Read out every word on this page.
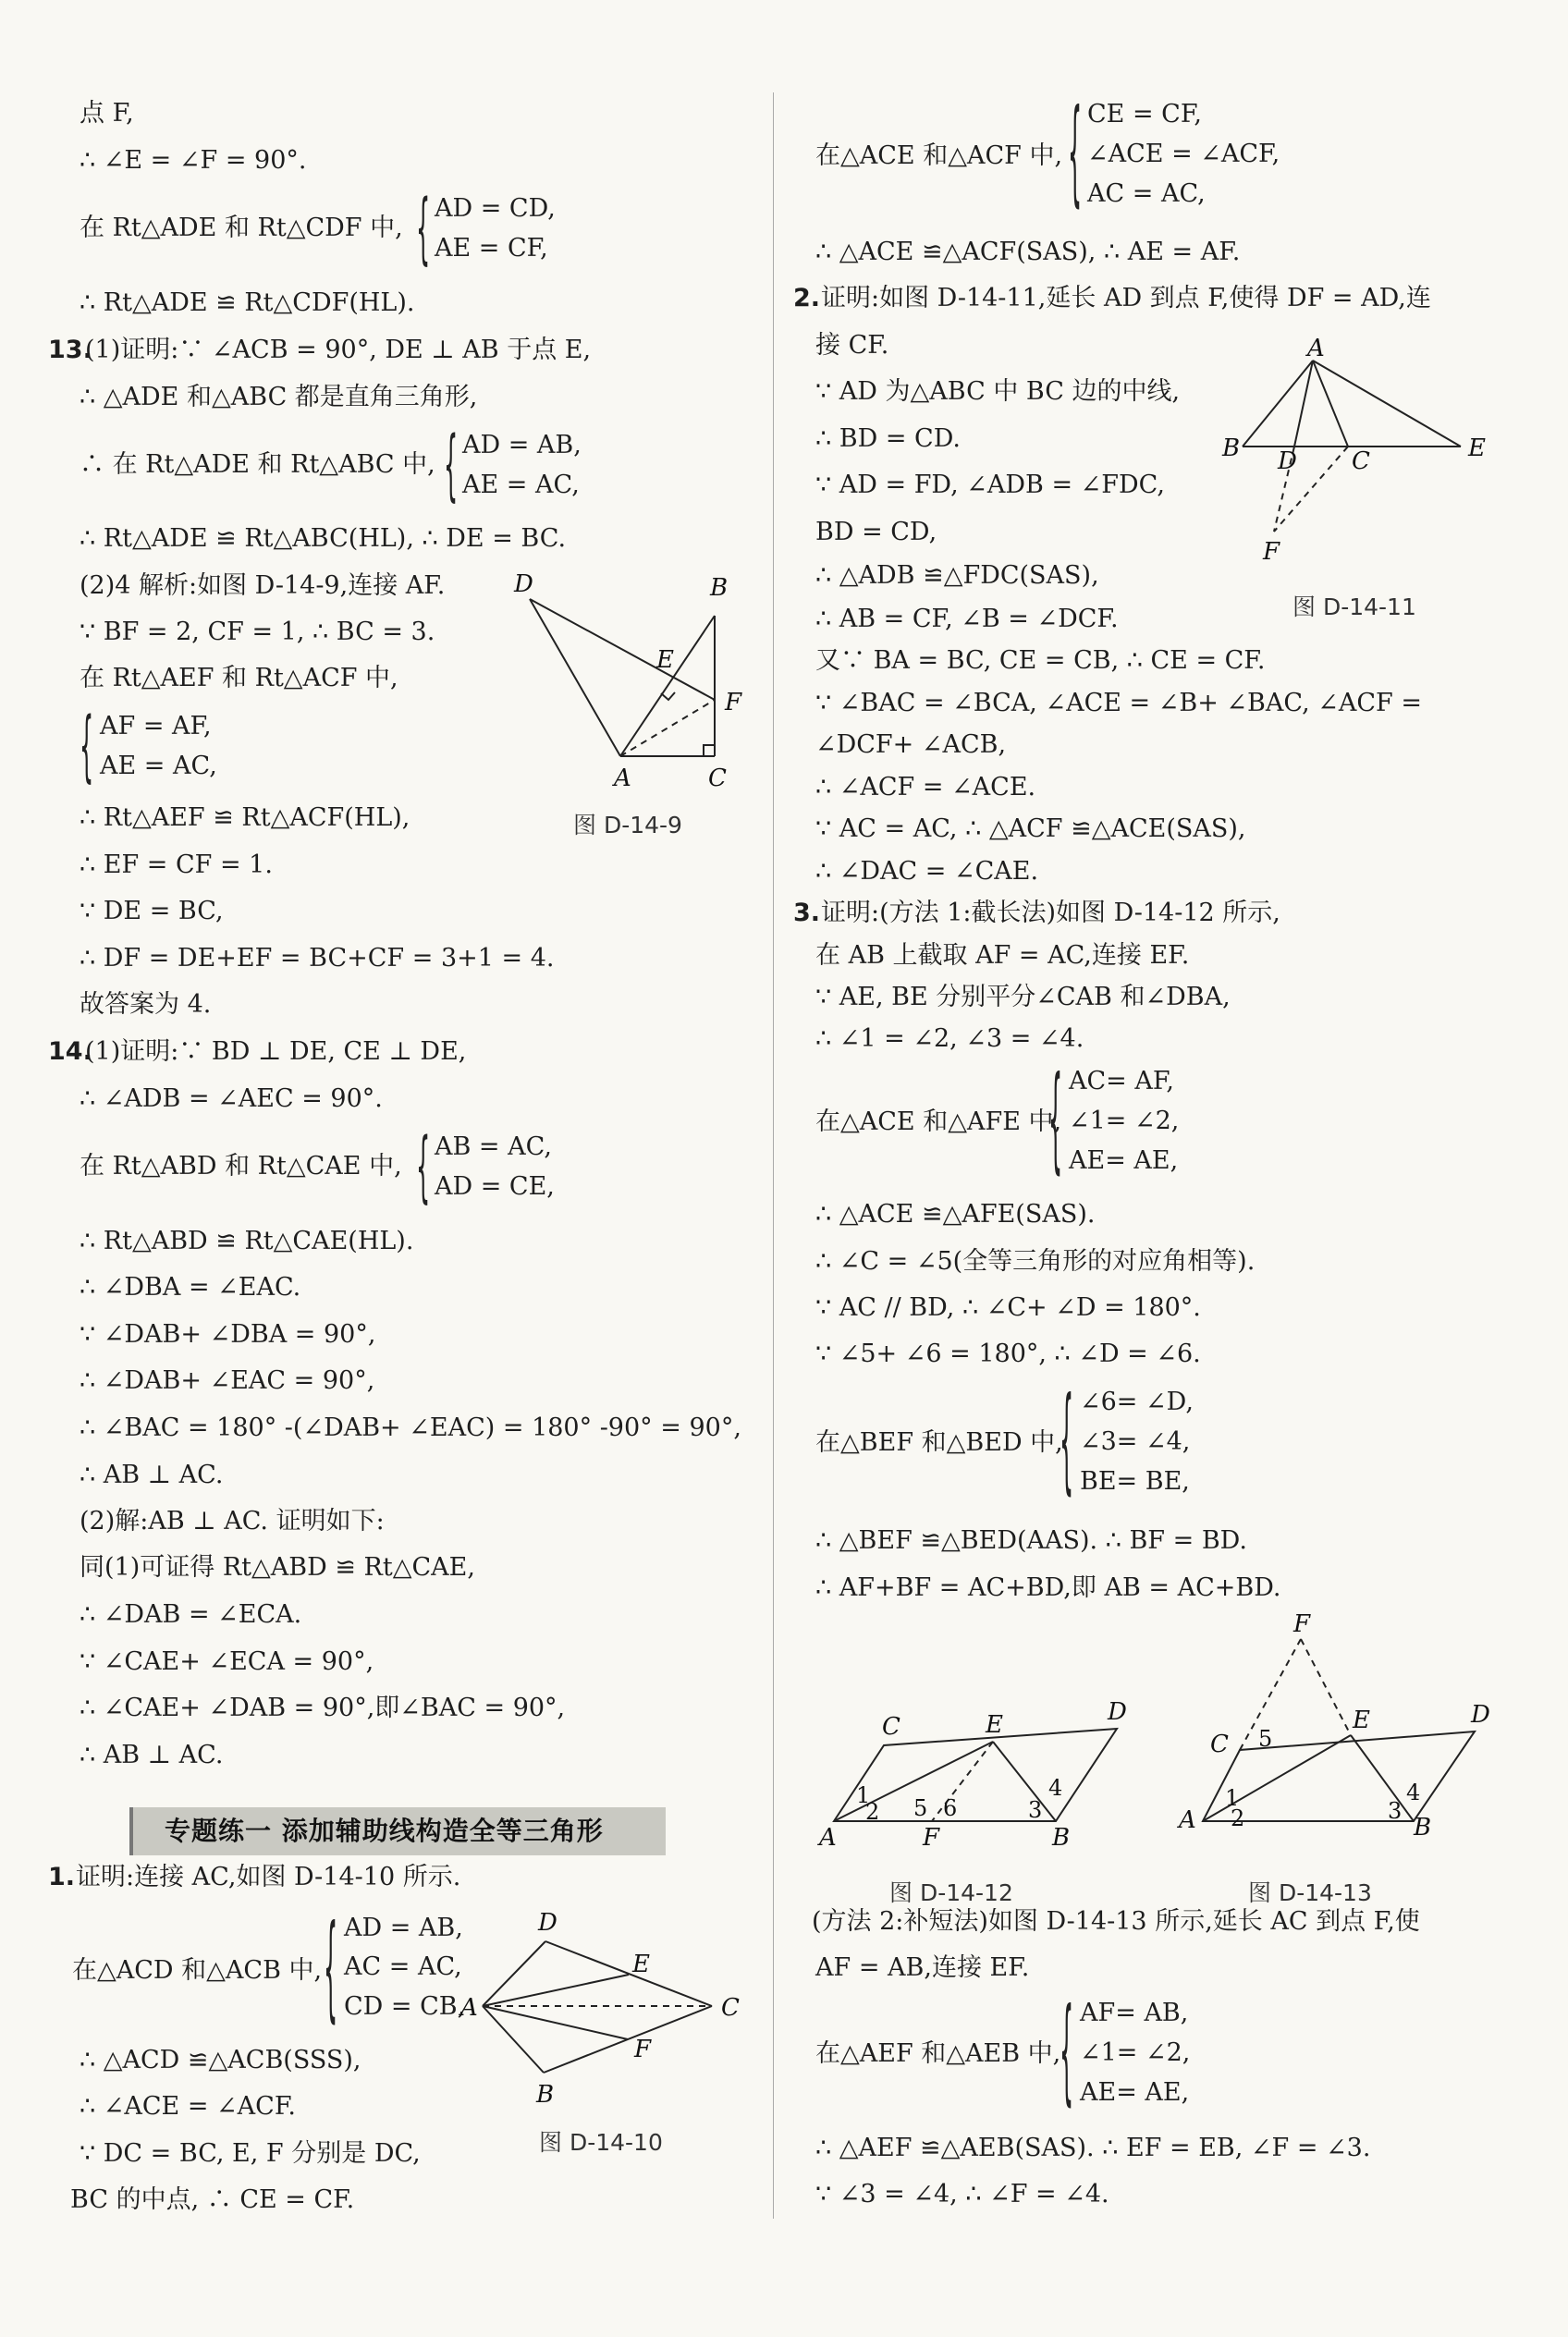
点 F,
∴ ∠E = ∠F = 90°.
在 Rt△ADE 和 Rt△CDF 中, { AD = CD,
AE = CF,
∴ Rt△ADE ≌ Rt△CDF(HL).
13.
(1)证明:∵ ∠ACB = 90°, DE ⊥ AB 于点 E,
∴ △ADE 和△ABC 都是直角三角形,
∴ 在 Rt△ADE 和 Rt△ABC 中, { AD = AB,
AE = AC,
∴ Rt△ADE ≌ Rt△ABC(HL), ∴ DE = BC.
(2)4 解析:如图 D-14-9,连接 AF.
∵ BF = 2, CF = 1, ∴ BC = 3.
在 Rt△AEF 和 Rt△ACF 中,
{ AF = AF,
AE = AC,
∴ Rt△AEF ≌ Rt△ACF(HL),
∴ EF = CF = 1.
∵ DE = BC,
∴ DF = DE+EF = BC+CF = 3+1 = 4.
故答案为 4.
14.
(1)证明:∵ BD ⊥ DE, CE ⊥ DE,
∴ ∠ADB = ∠AEC = 90°.
在 Rt△ABD 和 Rt△CAE 中, { AB = AC,
AD = CE,
∴ Rt△ABD ≌ Rt△CAE(HL).
∴ ∠DBA = ∠EAC.
∵ ∠DAB+ ∠DBA = 90°,
∴ ∠DAB+ ∠EAC = 90°,
∴ ∠BAC = 180° -(∠DAB+ ∠EAC) = 180° -90° = 90°,
∴ AB ⊥ AC.
(2)解:AB ⊥ AC. 证明如下:
同(1)可证得 Rt△ABD ≌ Rt△CAE,
∴ ∠DAB = ∠ECA.
∵ ∠CAE+ ∠ECA = 90°,
∴ ∠CAE+ ∠DAB = 90°,即∠BAC = 90°,
∴ AB ⊥ AC.
专题练一 添加辅助线构造全等三角形
1. 证明:连接 AC,如图 D-14-10 所示.
在△ACD 和△ACB 中, { AD = AB,
AC = AC,
CD = CB,
∴ △ACD ≌△ACB(SSS),
∴ ∠ACE = ∠ACF.
∵ DC = BC, E, F 分别是 DC,
BC 的中点, ∴ CE = CF.
D	B
E
F
A	C
图 D-14-9
D
E
A	C
F
B
图 D-14-10
在△ACE 和△ACF 中, { CE = CF,
∠ACE = ∠ACF,
AC = AC,
∴ △ACE ≌△ACF(SAS), ∴ AE = AF.
2. 证明:如图 D-14-11,延长 AD 到点 F,使得 DF = AD,连
接 CF.
∵ AD 为△ABC 中 BC 边的中线,
∴ BD = CD.
∵ AD = FD, ∠ADB = ∠FDC,
BD = CD,
∴ △ADB ≌△FDC(SAS),
∴ AB = CF, ∠B = ∠DCF.
又∵ BA = BC, CE = CB, ∴ CE = CF.
∵ ∠BAC = ∠BCA, ∠ACE = ∠B+ ∠BAC, ∠ACF =
∠DCF+ ∠ACB,
∴ ∠ACF = ∠ACE.
∵ AC = AC, ∴ △ACF ≌△ACE(SAS),
∴ ∠DAC = ∠CAE.
3. 证明:(方法 1:截长法)如图 D-14-12 所示,
在 AB 上截取 AF = AC,连接 EF.
∵ AE, BE 分别平分∠CAB 和∠DBA,
∴ ∠1 = ∠2, ∠3 = ∠4.
在△ACE 和△AFE 中,
{ AC= AF,
∠1= ∠2,
AE= AE,
∴ △ACE ≌△AFE(SAS).
∴ ∠C = ∠5(全等三角形的对应角相等).
∵ AC // BD, ∴ ∠C+ ∠D = 180°.
∵ ∠5+ ∠6 = 180°, ∴ ∠D = ∠6.
在△BEF 和△BED 中,
{ ∠6= ∠D,
∠3= ∠4,
BE= BE,
∴ △BEF ≌△BED(AAS). ∴ BF = BD.
∴ AF+BF = AC+BD,即 AB = AC+BD.
(方法 2:补短法)如图 D-14-13 所示,延长 AC 到点 F,使
AF = AB,连接 EF.
在△AEF 和△AEB 中,
{ AF= AB,
∠1= ∠2,
AE= AE,
∴ △AEF ≌△AEB(SAS). ∴ EF = EB, ∠F = ∠3.
∵ ∠3 = ∠4, ∴ ∠F = ∠4.
A
B D C	E
F
图 D-14-11
C	E	D
A	F	B
1
2 5 6	3
4
图 D-14-12
F
C
E	D
A	B
1
2	3
4
5
图 D-14-13
